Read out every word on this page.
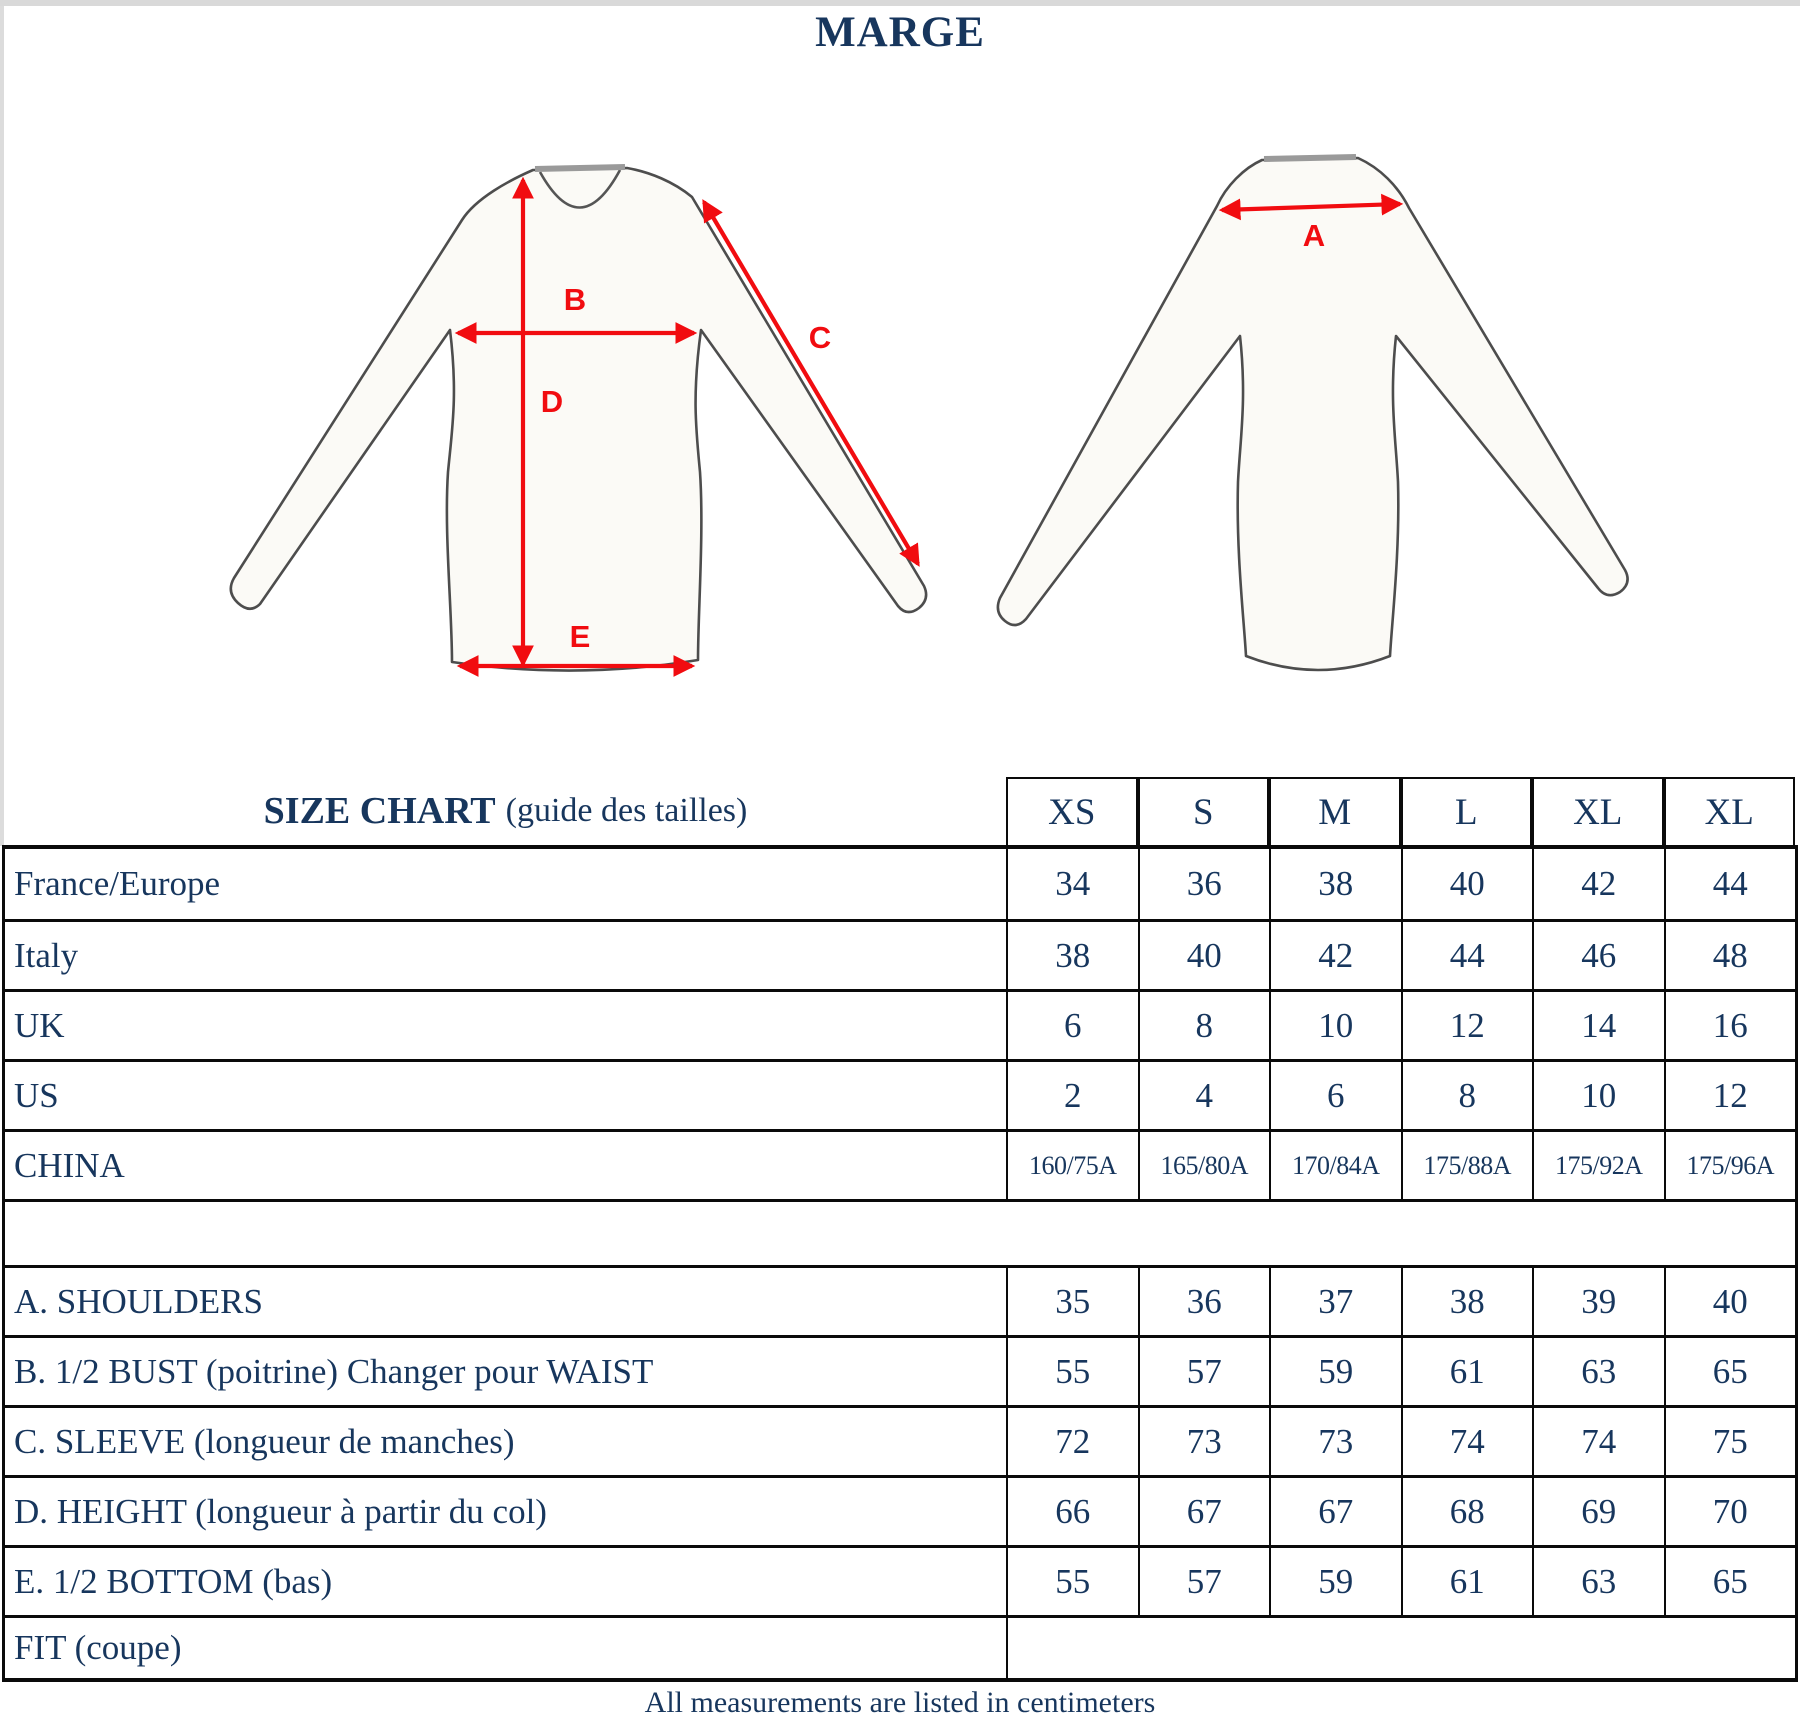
MARGE
B
C
D
E
A
SIZE CHART (guide des tailles)	XS	S	M	L	XL	XL
France/Europe	34	36	38	40	42	44
Italy	38	40	42	44	46	48
UK	6	8	10	12	14	16
US	2	4	6	8	10	12
CHINA	160/75A 165/80A 170/84A 175/88A 175/92A 175/96A
A. SHOULDERS	35	36	37	38	39	40
B. 1/2 BUST (poitrine) Changer pour WAIST	55	57	59	61	63	65
C. SLEEVE (longueur de manches)	72	73	73	74	74	75
D. HEIGHT (longueur à partir du col)	66	67	67	68	69	70
E. 1/2 BOTTOM (bas)	55	57	59	61	63	65
FIT (coupe)
All measurements are listed in centimeters
